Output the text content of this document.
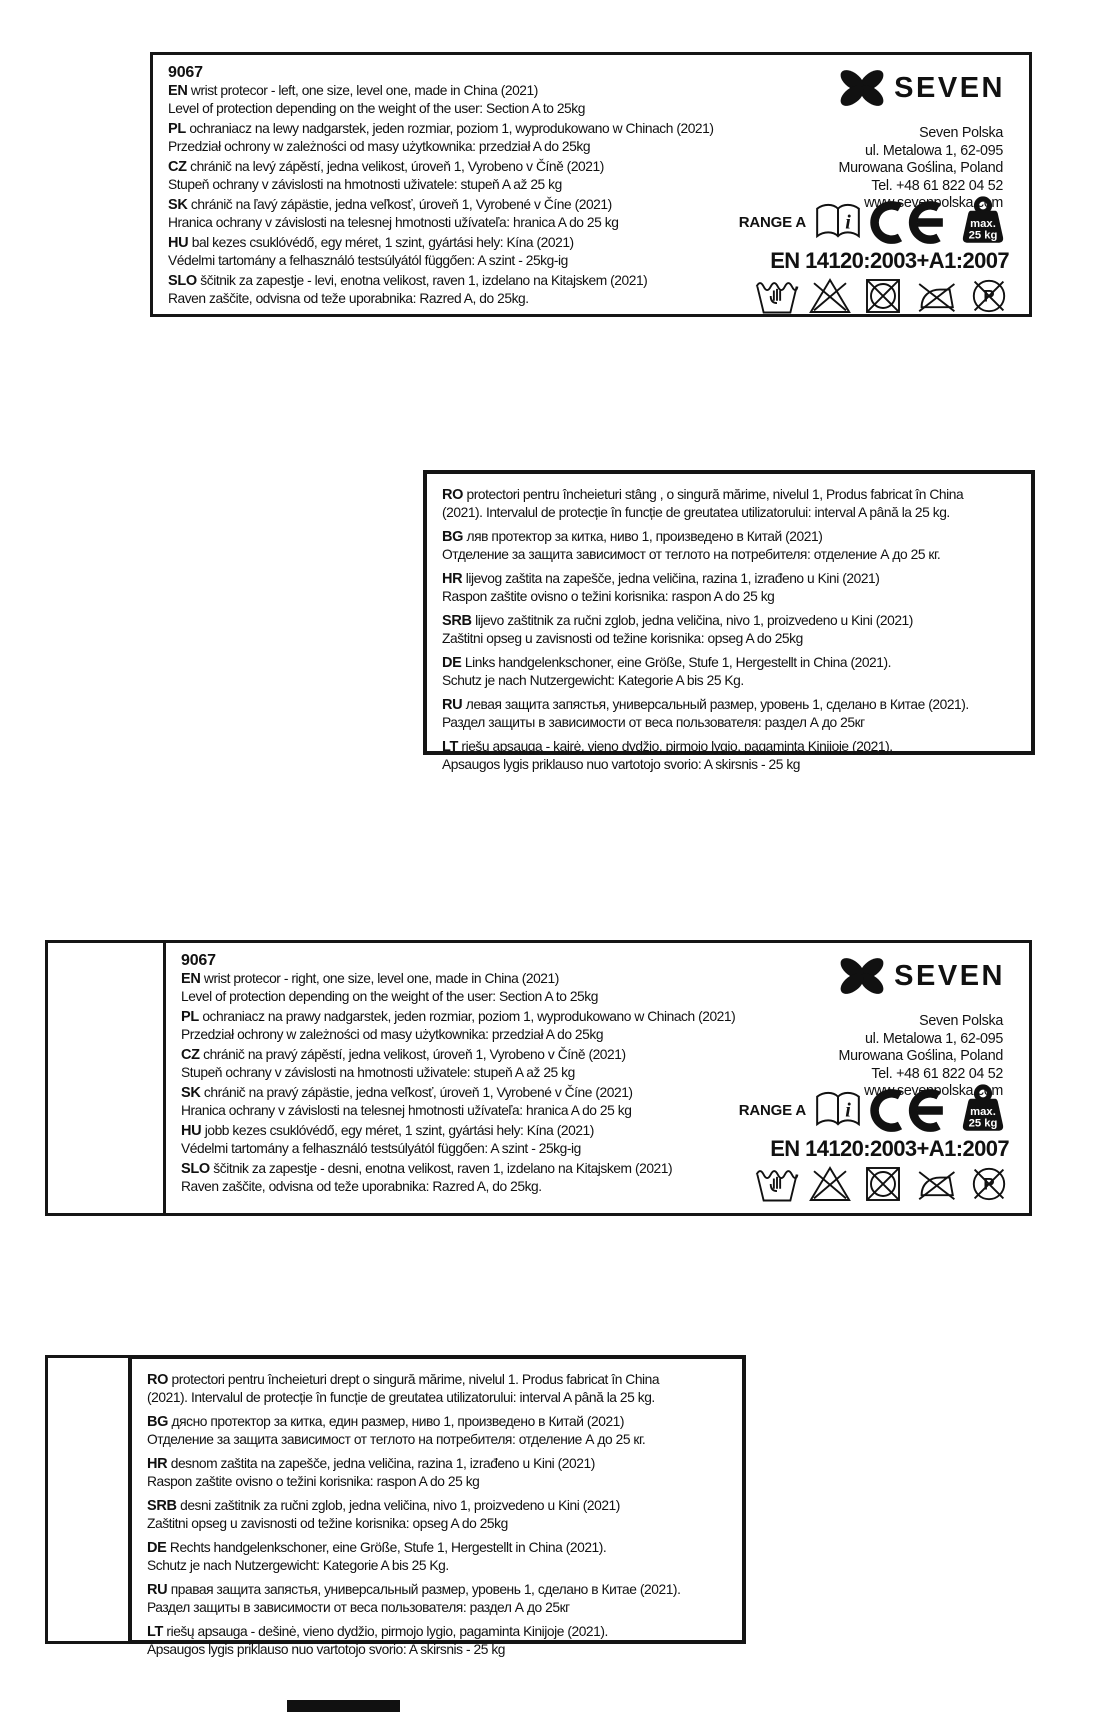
9067
EN wrist protecor - left, one size, level one, made in China (2021)
Level of protection depending on the weight of the user: Section A to 25kg
PL ochraniacz na lewy nadgarstek, jeden rozmiar, poziom 1, wyprodukowano w Chinach (2021)
Przedział ochrony w zależności od masy użytkownika: przedział A do 25kg
CZ chránič na levý zápěstí, jedna velikost, úroveň 1, Vyrobeno v Číně (2021)
Stupeň ochrany v závislosti na hmotnosti uživatele: stupeň A až 25 kg
SK chránič na ľavý zápästie, jedna veľkosť, úroveň 1, Vyrobené v Číne (2021)
Hranica ochrany v závislosti na telesnej hmotnosti užívateľa: hranica A do 25 kg
HU bal kezes csuklóvédő, egy méret, 1 szint, gyártási hely: Kína (2021)
Védelmi tartomány a felhasználó testsúlyától függően: A szint - 25kg-ig
SLO ščitnik za zapestje - levi, enotna velikost, raven 1, izdelano na Kitajskem (2021)
Raven zaščite, odvisna od teže uporabnika: Razred A, do 25kg.
SEVEN
Seven Polska
ul. Metalowa 1, 62-095
Murowana Goślina, Poland
Tel. +48 61 822 04 52
www.sevenpolska.com
RANGE A i	max.
25 kg
EN 14120:2003+A1:2007
P
RO protectori pentru încheieturi stâng , o singură mărime, nivelul 1, Produs fabricat în China
(2021). Intervalul de protecție în funcție de greutatea utilizatorului: interval A până la 25 kg.
BG ляв протектор за китка, ниво 1, произведено в Китай (2021)
Отделение за защита зависимост от теглото на потребителя: отделение А до 25 кг.
HR lijevog zaštita na zapešče, jedna veličina, razina 1, izrađeno u Kini (2021)
Raspon zaštite ovisno o težini korisnika: raspon A do 25 kg
SRB lijevo zaštitnik za ručni zglob, jedna veličina, nivo 1, proizvedeno u Kini (2021)
Zaštitni opseg u zavisnosti od težine korisnika: opseg A do 25kg
DE Links handgelenkschoner, eine Größe, Stufe 1, Hergestellt in China (2021).
Schutz je nach Nutzergewicht: Kategorie A bis 25 Kg.
RU левая защита запястья, универсальный размер, уровень 1, сделано в Китае (2021).
Раздел защиты в зависимости от веса пользователя: раздел А до 25кг
LT riešų apsauga - kairė, vieno dydžio, pirmojo lygio, pagaminta Kinijoje (2021).
Apsaugos lygis priklauso nuo vartotojo svorio: A skirsnis - 25 kg
9067
EN wrist protecor - right, one size, level one, made in China (2021)
Level of protection depending on the weight of the user: Section A to 25kg
PL ochraniacz na prawy nadgarstek, jeden rozmiar, poziom 1, wyprodukowano w Chinach (2021)
Przedział ochrony w zależności od masy użytkownika: przedział A do 25kg
CZ chránič na pravý zápěstí, jedna velikost, úroveň 1, Vyrobeno v Číně (2021)
Stupeň ochrany v závislosti na hmotnosti uživatele: stupeň A až 25 kg
SK chránič na pravý zápästie, jedna veľkosť, úroveň 1, Vyrobené v Číne (2021)
Hranica ochrany v závislosti na telesnej hmotnosti užívateľa: hranica A do 25 kg
HU jobb kezes csuklóvédő, egy méret, 1 szint, gyártási hely: Kína (2021)
Védelmi tartomány a felhasználó testsúlyától függően: A szint - 25kg-ig
SLO ščitnik za zapestje - desni, enotna velikost, raven 1, izdelano na Kitajskem (2021)
Raven zaščite, odvisna od teže uporabnika: Razred A, do 25kg.
SEVEN
Seven Polska
ul. Metalowa 1, 62-095
Murowana Goślina, Poland
Tel. +48 61 822 04 52
www.sevenpolska.com
RANGE A i	max.
25 kg
EN 14120:2003+A1:2007
P
RO protectori pentru încheieturi drept o singură mărime, nivelul 1. Produs fabricat în China
(2021). Intervalul de protecție în funcție de greutatea utilizatorului: interval A până la 25 kg.
BG дясно протектор за китка, един размер, ниво 1, произведено в Китай (2021)
Отделение за защита зависимост от теглото на потребителя: отделение А до 25 кг.
HR desnom zaštita na zapešče, jedna veličina, razina 1, izrađeno u Kini (2021)
Raspon zaštite ovisno o težini korisnika: raspon A do 25 kg
SRB desni zaštitnik za ručni zglob, jedna veličina, nivo 1, proizvedeno u Kini (2021)
Zaštitni opseg u zavisnosti od težine korisnika: opseg A do 25kg
DE Rechts handgelenkschoner, eine Größe, Stufe 1, Hergestellt in China (2021).
Schutz je nach Nutzergewicht: Kategorie A bis 25 Kg.
RU правая защита запястья, универсальный размер, уровень 1, сделано в Китае (2021).
Раздел защиты в зависимости от веса пользователя: раздел А до 25кг
LT riešų apsauga - dešinė, vieno dydžio, pirmojo lygio, pagaminta Kinijoje (2021).
Apsaugos lygis priklauso nuo vartotojo svorio: A skirsnis - 25 kg
